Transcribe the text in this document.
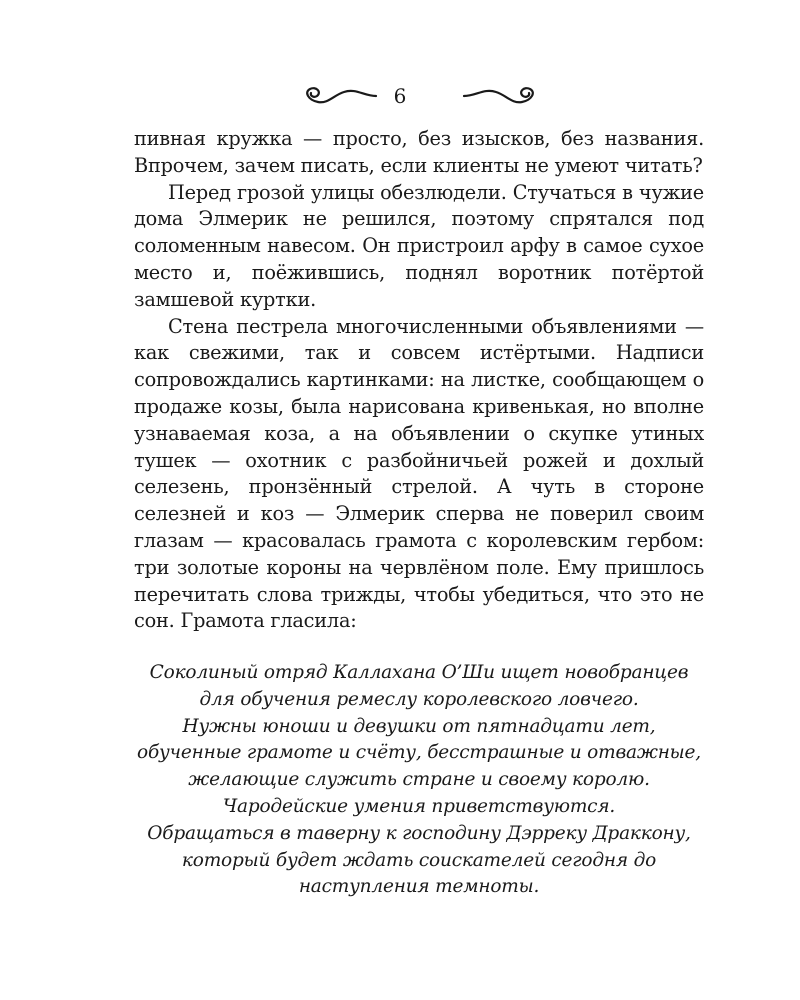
6

пивная кружка — просто, без изысков, без названия. Впрочем, зачем писать, если клиенты не умеют читать?

Перед грозой улицы обезлюдели. Стучаться в чужие дома Элмерик не решился, поэтому спрятался под соломенным навесом. Он пристроил арфу в самое сухое место и, поёжившись, поднял воротник потёртой замшевой куртки.

Стена пестрела многочисленными объявлениями — как свежими, так и совсем истёртыми. Надписи сопровождались картинками: на листке, сообщающем о продаже козы, была нарисована кривенькая, но вполне узнаваемая коза, а на объявлении о скупке утиных тушек — охотник с разбойничьей рожей и дохлый селезень, пронзённый стрелой. А чуть в стороне селезней и коз — Элмерик сперва не поверил своим глазам — красовалась грамота с королевским гербом: три золотые короны на червлёном поле. Ему пришлось перечитать слова трижды, чтобы убедиться, что это не сон. Грамота гласила:

Соколиный отряд Каллахана О’Ши ищет новобранцев для обучения ремеслу королевского ловчего.

Нужны юноши и девушки от пятнадцати лет, обученные грамоте и счёту, бесстрашные и отважные, желающие служить стране и своему королю.

Чародейские умения приветствуются.

Обращаться в таверну к господину Дэрреку Драккону, который будет ждать соискателей сегодня до наступления темноты.
